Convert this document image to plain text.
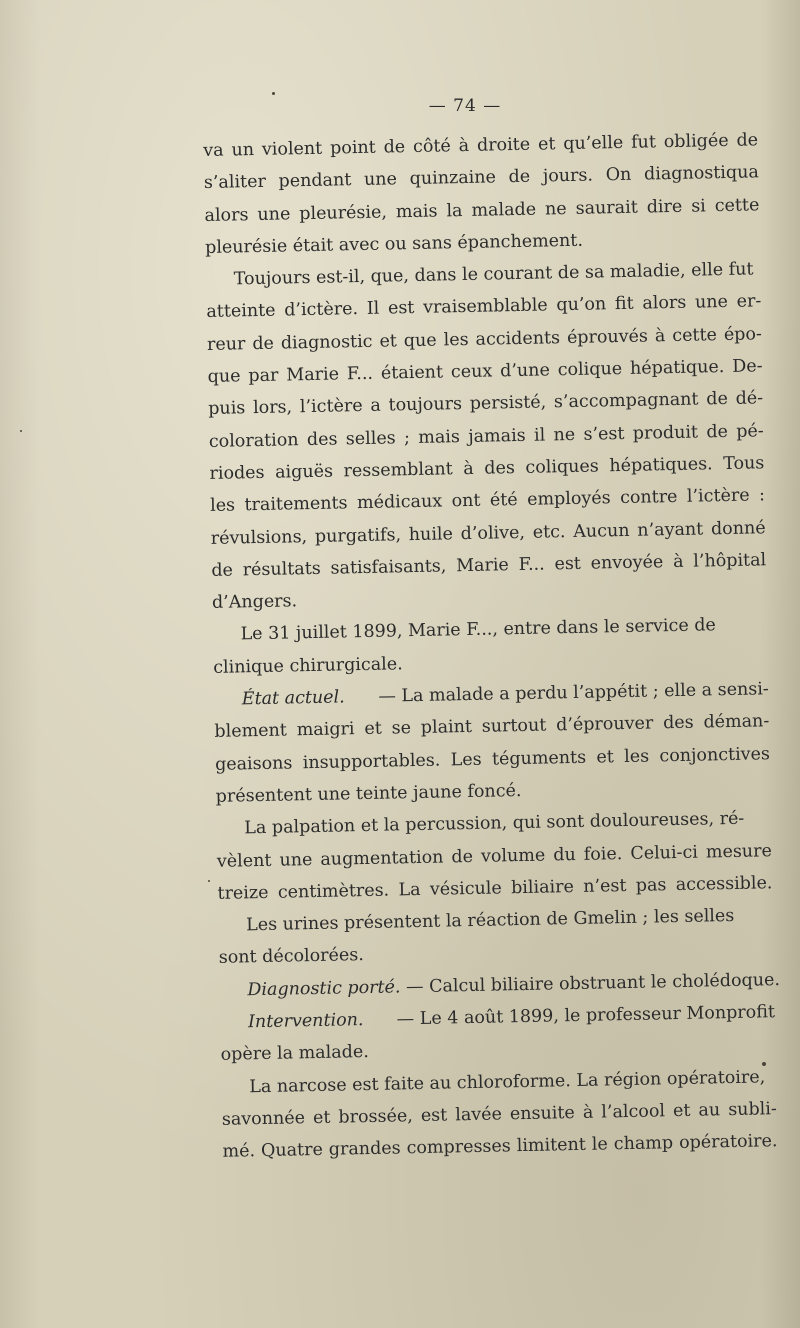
— 74 —
va un violent point de côté à droite et qu’elle fut obligée de
s’aliter pendant une quinzaine de jours. On diagnostiqua
alors une pleurésie, mais la malade ne saurait dire si cette
pleurésie était avec ou sans épanchement.
Toujours est-il, que, dans le courant de sa maladie, elle fut
atteinte d’ictère. Il est vraisemblable qu’on fit alors une er-
reur de diagnostic et que les accidents éprouvés à cette épo-
que par Marie F... étaient ceux d’une colique hépatique. De-
puis lors, l’ictère a toujours persisté, s’accompagnant de dé-
coloration des selles ; mais jamais il ne s’est produit de pé-
riodes aiguës ressemblant à des coliques hépatiques. Tous
les traitements médicaux ont été employés contre l’ictère :
révulsions, purgatifs, huile d’olive, etc. Aucun n’ayant donné
de résultats satisfaisants, Marie F... est envoyée à l’hôpital
d’Angers.
Le 31 juillet 1899, Marie F..., entre dans le service de
clinique chirurgicale.
État actuel. — La malade a perdu l’appétit ; elle a sensi-
blement maigri et se plaint surtout d’éprouver des déman-
geaisons insupportables. Les téguments et les conjonctives
présentent une teinte jaune foncé.
La palpation et la percussion, qui sont douloureuses, ré-
vèlent une augmentation de volume du foie. Celui-ci mesure
treize centimètres. La vésicule biliaire n’est pas accessible.
Les urines présentent la réaction de Gmelin ; les selles
sont décolorées.
Diagnostic porté. — Calcul biliaire obstruant le cholédoque.
Intervention. — Le 4 août 1899, le professeur Monprofit
opère la malade.
La narcose est faite au chloroforme. La région opératoire,
savonnée et brossée, est lavée ensuite à l’alcool et au subli-
mé. Quatre grandes compresses limitent le champ opératoire.
